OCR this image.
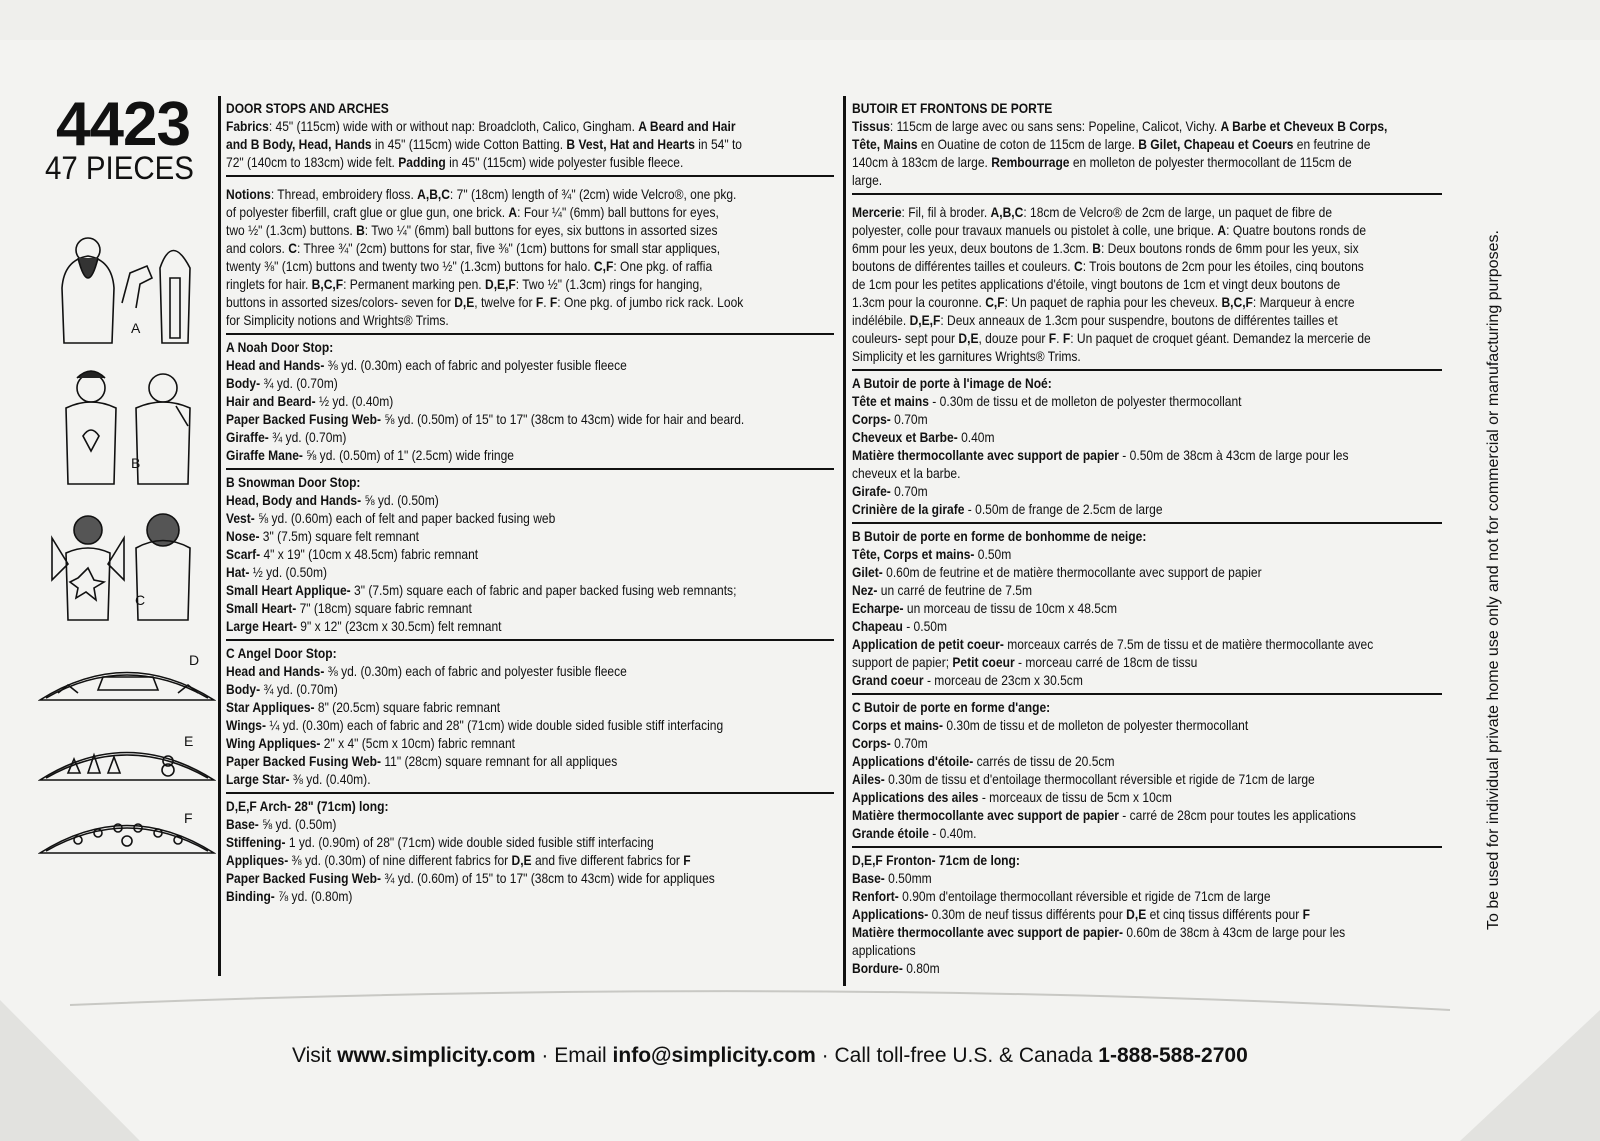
4423
47 PIECES
A
B
C
D
E
F
DOOR STOPS AND ARCHES
Fabrics: 45" (115cm) wide with or without nap: Broadcloth, Calico, Gingham. A Beard and Hair
and B Body, Head, Hands in 45" (115cm) wide Cotton Batting. B Vest, Hat and Hearts in 54" to
72" (140cm to 183cm) wide felt. Padding in 45" (115cm) wide polyester fusible fleece.
Notions: Thread, embroidery floss. A,B,C: 7" (18cm) length of ¾" (2cm) wide Velcro®, one pkg.
of polyester fiberfill, craft glue or glue gun, one brick. A: Four ¼" (6mm) ball buttons for eyes,
two ½" (1.3cm) buttons. B: Two ¼" (6mm) ball buttons for eyes, six buttons in assorted sizes
and colors. C: Three ¾" (2cm) buttons for star, five ⅜" (1cm) buttons for small star appliques,
twenty ⅜" (1cm) buttons and twenty two ½" (1.3cm) buttons for halo. C,F: One pkg. of raffia
ringlets for hair. B,C,F: Permanent marking pen. D,E,F: Two ½" (1.3cm) rings for hanging,
buttons in assorted sizes/colors- seven for D,E, twelve for F. F: One pkg. of jumbo rick rack. Look
for Simplicity notions and Wrights® Trims.
A Noah Door Stop:
Head and Hands- ⅜ yd. (0.30m) each of fabric and polyester fusible fleece
Body- ¾ yd. (0.70m)
Hair and Beard- ½ yd. (0.40m)
Paper Backed Fusing Web- ⅝ yd. (0.50m) of 15" to 17" (38cm to 43cm) wide for hair and beard.
Giraffe- ¾ yd. (0.70m)
Giraffe Mane- ⅝ yd. (0.50m) of 1" (2.5cm) wide fringe
B Snowman Door Stop:
Head, Body and Hands- ⅝ yd. (0.50m)
Vest- ⅝ yd. (0.60m) each of felt and paper backed fusing web
Nose- 3" (7.5m) square felt remnant
Scarf- 4" x 19" (10cm x 48.5cm) fabric remnant
Hat- ½ yd. (0.50m)
Small Heart Applique- 3" (7.5m) square each of fabric and paper backed fusing web remnants;
Small Heart- 7" (18cm) square fabric remnant
Large Heart- 9" x 12" (23cm x 30.5cm) felt remnant
C Angel Door Stop:
Head and Hands- ⅜ yd. (0.30m) each of fabric and polyester fusible fleece
Body- ¾ yd. (0.70m)
Star Appliques- 8" (20.5cm) square fabric remnant
Wings- ¼ yd. (0.30m) each of fabric and 28" (71cm) wide double sided fusible stiff interfacing
Wing Appliques- 2" x 4" (5cm x 10cm) fabric remnant
Paper Backed Fusing Web- 11" (28cm) square remnant for all appliques
Large Star- ⅜ yd. (0.40m).
D,E,F Arch- 28" (71cm) long:
Base- ⅝ yd. (0.50m)
Stiffening- 1 yd. (0.90m) of 28" (71cm) wide double sided fusible stiff interfacing
Appliques- ⅜ yd. (0.30m) of nine different fabrics for D,E and five different fabrics for F
Paper Backed Fusing Web- ¾ yd. (0.60m) of 15" to 17" (38cm to 43cm) wide for appliques
Binding- ⅞ yd. (0.80m)
BUTOIR ET FRONTONS DE PORTE
Tissus: 115cm de large avec ou sans sens: Popeline, Calicot, Vichy. A Barbe et Cheveux B Corps,
Tête, Mains en Ouatine de coton de 115cm de large. B Gilet, Chapeau et Coeurs en feutrine de
140cm à 183cm de large. Rembourrage en molleton de polyester thermocollant de 115cm de
large.
Mercerie: Fil, fil à broder. A,B,C: 18cm de Velcro® de 2cm de large, un paquet de fibre de
polyester, colle pour travaux manuels ou pistolet à colle, une brique. A: Quatre boutons ronds de
6mm pour les yeux, deux boutons de 1.3cm. B: Deux boutons ronds de 6mm pour les yeux, six
boutons de différentes tailles et couleurs. C: Trois boutons de 2cm pour les étoiles, cinq boutons
de 1cm pour les petites applications d'étoile, vingt boutons de 1cm et vingt deux boutons de
1.3cm pour la couronne. C,F: Un paquet de raphia pour les cheveux. B,C,F: Marqueur à encre
indélébile. D,E,F: Deux anneaux de 1.3cm pour suspendre, boutons de différentes tailles et
couleurs- sept pour D,E, douze pour F. F: Un paquet de croquet géant. Demandez la mercerie de
Simplicity et les garnitures Wrights® Trims.
A Butoir de porte à l'image de Noé:
Tête et mains - 0.30m de tissu et de molleton de polyester thermocollant
Corps- 0.70m
Cheveux et Barbe- 0.40m
Matière thermocollante avec support de papier - 0.50m de 38cm à 43cm de large pour les
cheveux et la barbe.
Girafe- 0.70m
Crinière de la girafe - 0.50m de frange de 2.5cm de large
B Butoir de porte en forme de bonhomme de neige:
Tête, Corps et mains- 0.50m
Gilet- 0.60m de feutrine et de matière thermocollante avec support de papier
Nez- un carré de feutrine de 7.5m
Echarpe- un morceau de tissu de 10cm x 48.5cm
Chapeau - 0.50m
Application de petit coeur- morceaux carrés de 7.5m de tissu et de matière thermocollante avec
support de papier; Petit coeur - morceau carré de 18cm de tissu
Grand coeur - morceau de 23cm x 30.5cm
C Butoir de porte en forme d'ange:
Corps et mains- 0.30m de tissu et de molleton de polyester thermocollant
Corps- 0.70m
Applications d'étoile- carrés de tissu de 20.5cm
Ailes- 0.30m de tissu et d'entoilage thermocollant réversible et rigide de 71cm de large
Applications des ailes - morceaux de tissu de 5cm x 10cm
Matière thermocollante avec support de papier - carré de 28cm pour toutes les applications
Grande étoile - 0.40m.
D,E,F Fronton- 71cm de long:
Base- 0.50mm
Renfort- 0.90m d'entoilage thermocollant réversible et rigide de 71cm de large
Applications- 0.30m de neuf tissus différents pour D,E et cinq tissus différents pour F
Matière thermocollante avec support de papier- 0.60m de 38cm à 43cm de large pour les
applications
Bordure- 0.80m
To be used for individual private home use only and not for commercial or manufacturing purposes.
Visit www.simplicity.com · Email info@simplicity.com · Call toll-free U.S. & Canada 1-888-588-2700
